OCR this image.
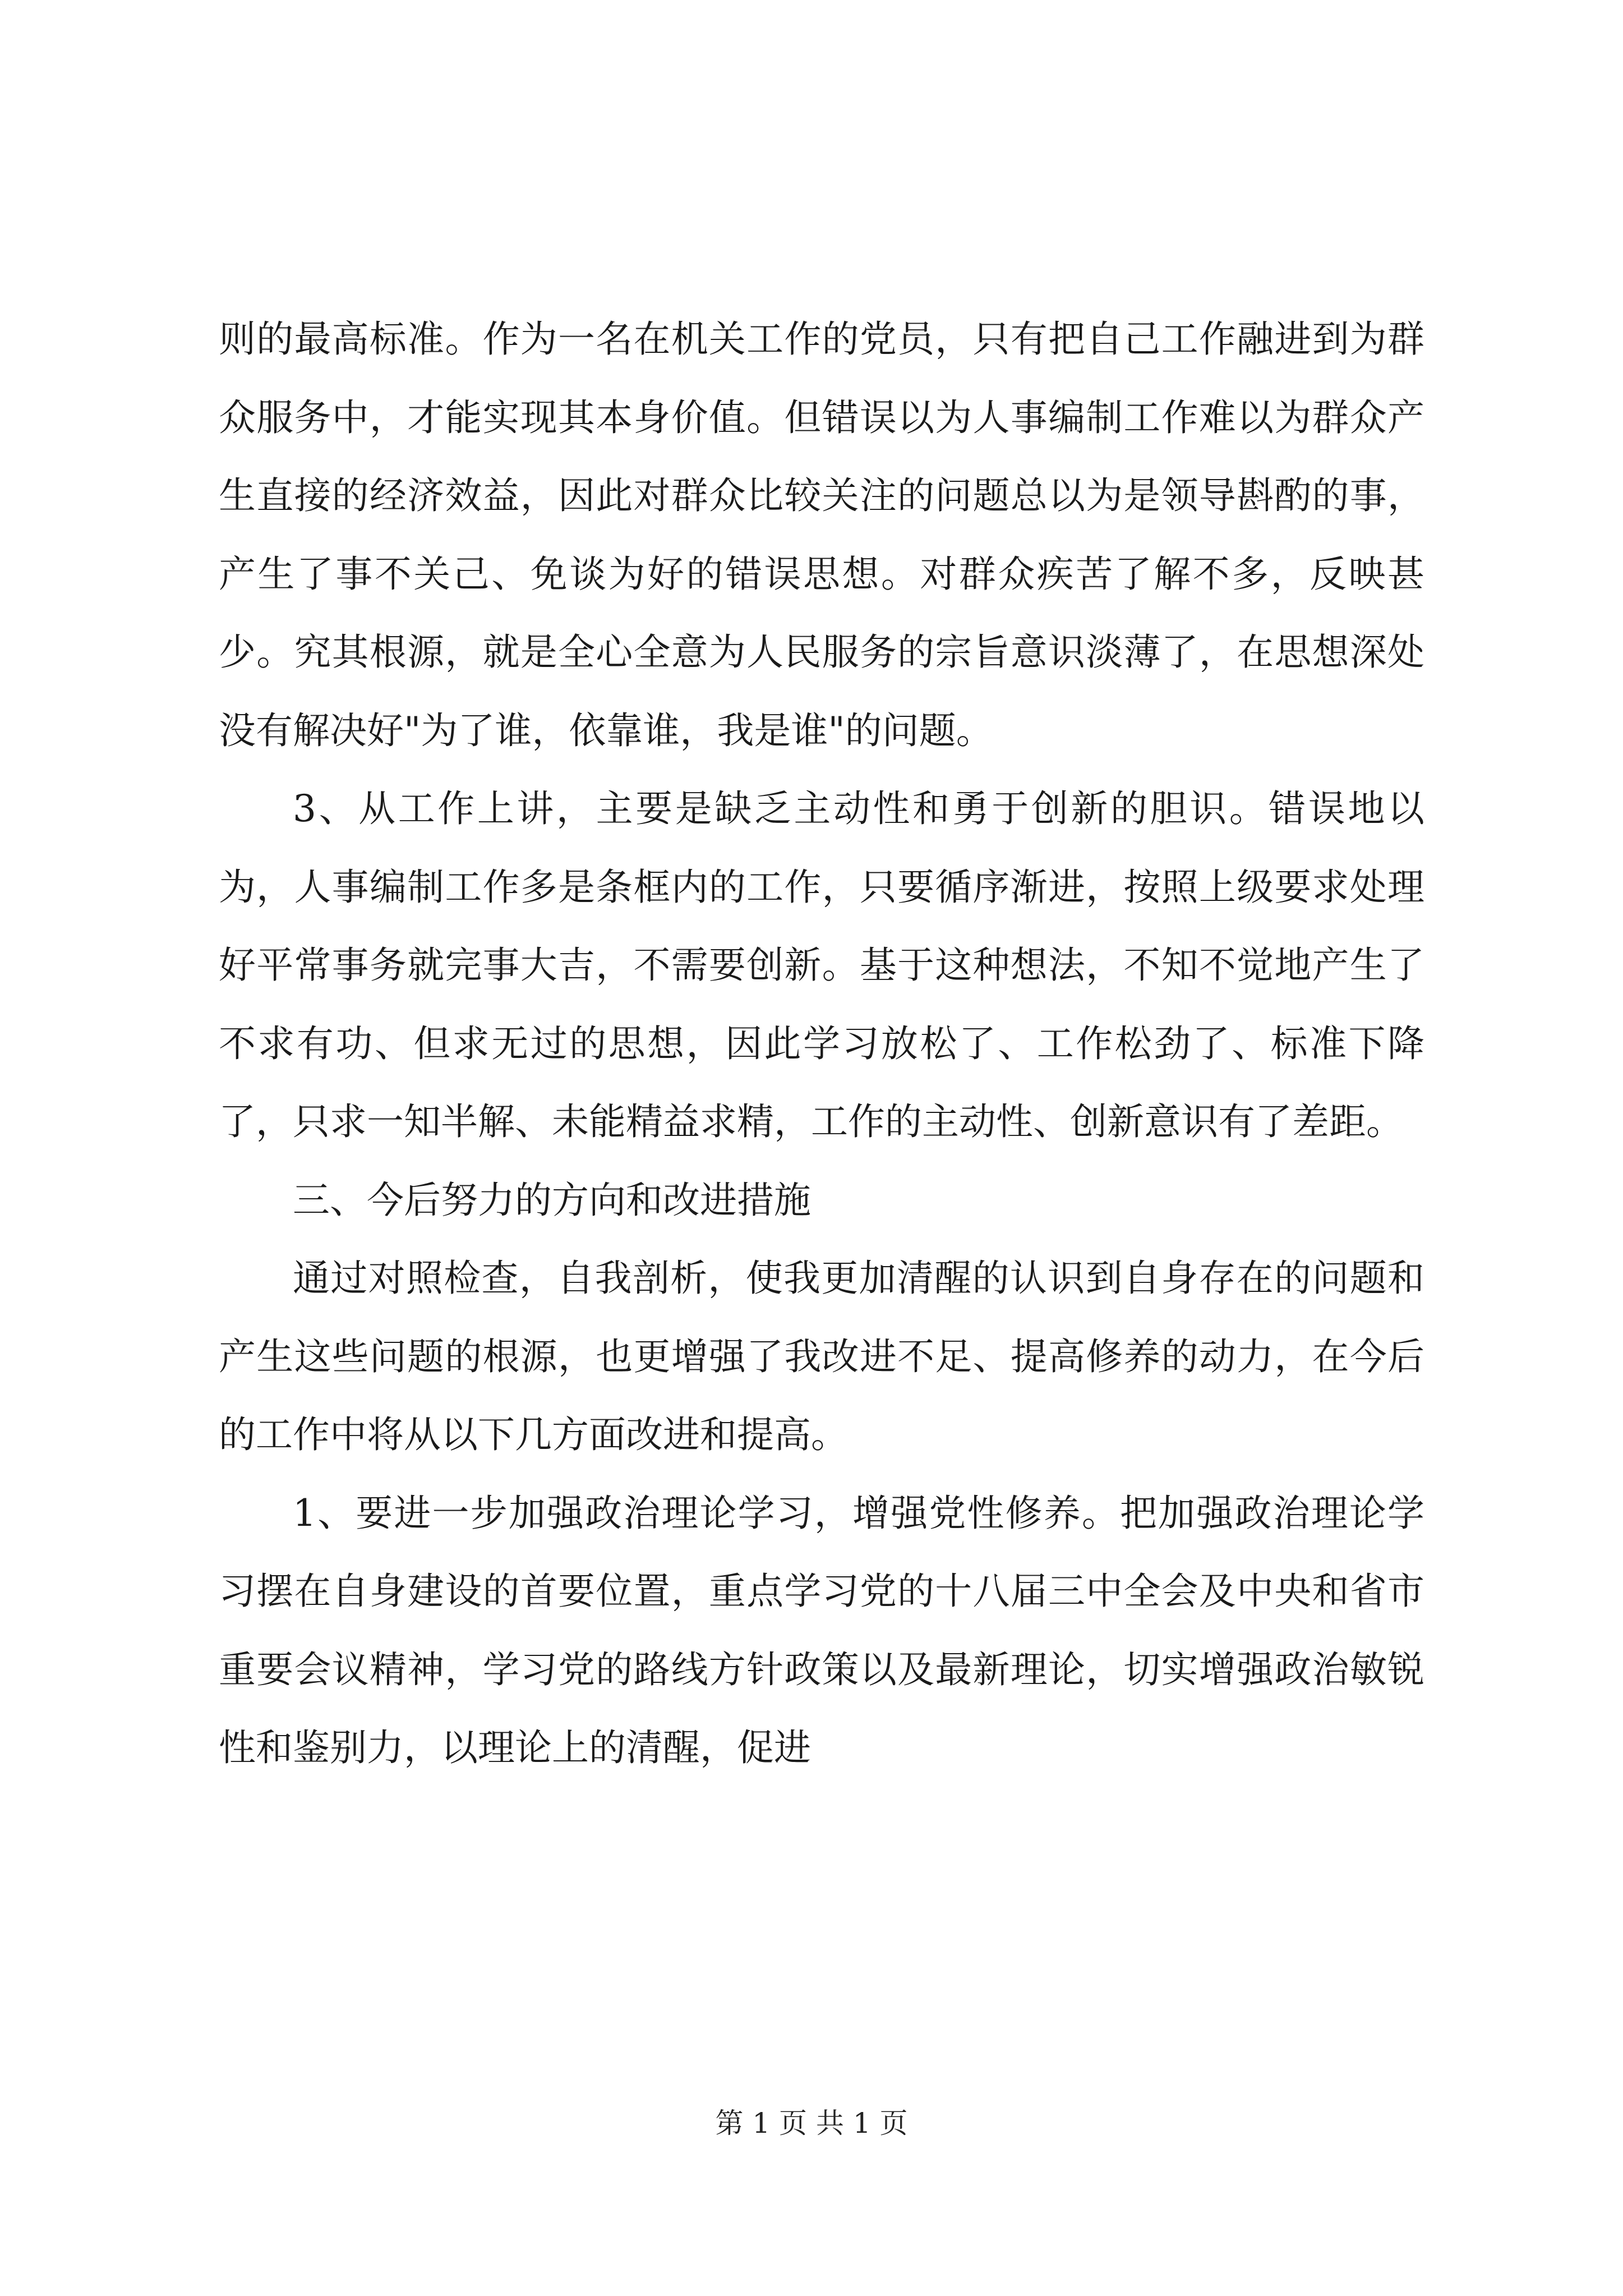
则的最高标准。作为一名在机关工作的党员，只有把自己工作融进到为群众服务中，才能实现其本身价值。但错误以为人事编制工作难以为群众产生直接的经济效益，因此对群众比较关注的问题总以为是领导斟酌的事，产生了事不关己、免谈为好的错误思想。对群众疾苦了解不多，反映甚少。究其根源，就是全心全意为人民服务的宗旨意识淡薄了，在思想深处没有解决好"为了谁，依靠谁，我是谁"的问题。

3、从工作上讲，主要是缺乏主动性和勇于创新的胆识。错误地以为，人事编制工作多是条框内的工作，只要循序渐进，按照上级要求处理好平常事务就完事大吉，不需要创新。基于这种想法，不知不觉地产生了不求有功、但求无过的思想，因此学习放松了、工作松劲了、标准下降了，只求一知半解、未能精益求精，工作的主动性、创新意识有了差距。

三、今后努力的方向和改进措施

通过对照检查，自我剖析，使我更加清醒的认识到自身存在的问题和产生这些问题的根源，也更增强了我改进不足、提高修养的动力，在今后的工作中将从以下几方面改进和提高。

1、要进一步加强政治理论学习，增强党性修养。把加强政治理论学习摆在自身建设的首要位置，重点学习党的十八届三中全会及中央和省市重要会议精神，学习党的路线方针政策以及最新理论，切实增强政治敏锐性和鉴别力，以理论上的清醒，促进

第 1 页 共 1 页
